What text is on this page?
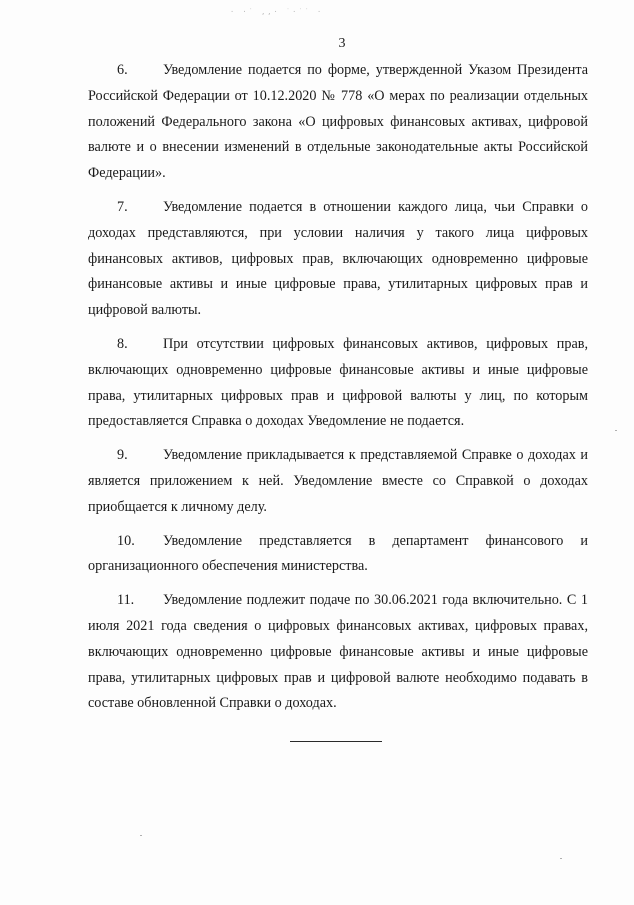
· ·˙ ,,· ˙·˙˙ ·
3

6. Уведомление подается по форме, утвержденной Указом Президента Российской Федерации от 10.12.2020 № 778 «О мерах по реализации отдельных положений Федерального закона «О цифровых финансовых активах, цифровой валюте и о внесении изменений в отдельные законодательные акты Российской Федерации».

7. Уведомление подается в отношении каждого лица, чьи Справки о доходах представляются, при условии наличия у такого лица цифровых финансовых активов, цифровых прав, включающих одновременно цифровые финансовые активы и иные цифровые права, утилитарных цифровых прав и цифровой валюты.

8. При отсутствии цифровых финансовых активов, цифровых прав, включающих одновременно цифровые финансовые активы и иные цифровые права, утилитарных цифровых прав и цифровой валюты у лиц, по которым предоставляется Справка о доходах Уведомление не подается.

9. Уведомление прикладывается к представляемой Справке о доходах и является приложением к ней. Уведомление вместе со Справкой о доходах приобщается к личному делу.

10. Уведомление представляется в департамент финансового и организационного обеспечения министерства.

11. Уведомление подлежит подаче по 30.06.2021 года включительно. С 1 июля 2021 года сведения о цифровых финансовых активах, цифровых правах, включающих одновременно цифровые финансовые активы и иные цифровые права, утилитарных цифровых прав и цифровой валюте необходимо подавать в составе обновленной Справки о доходах.
